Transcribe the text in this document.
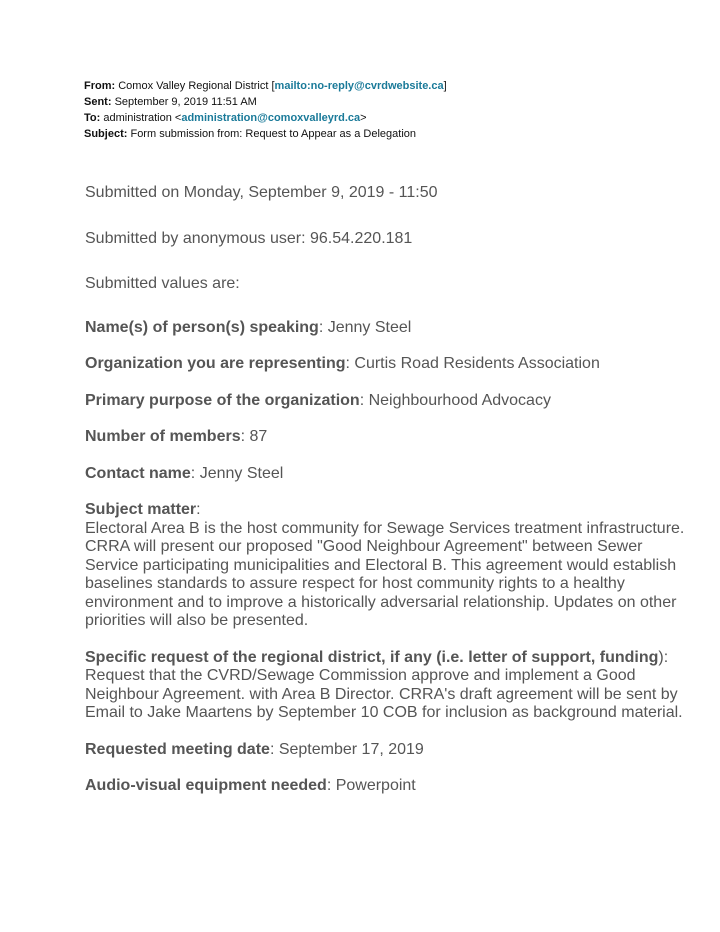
From: Comox Valley Regional District [mailto:no-reply@cvrdwebsite.ca]
Sent: September 9, 2019 11:51 AM
To: administration <administration@comoxvalleyrd.ca>
Subject: Form submission from: Request to Appear as a Delegation

Submitted on Monday, September 9, 2019 - 11:50

Submitted by anonymous user: 96.54.220.181

Submitted values are:

Name(s) of person(s) speaking: Jenny Steel

Organization you are representing: Curtis Road Residents Association

Primary purpose of the organization: Neighbourhood Advocacy

Number of members: 87

Contact name: Jenny Steel

Subject matter:
Electoral Area B is the host community for Sewage Services treatment infrastructure. CRRA will present our proposed "Good Neighbour Agreement" between Sewer Service participating municipalities and Electoral B. This agreement would establish baselines standards to assure respect for host community rights to a healthy environment and to improve a historically adversarial relationship. Updates on other priorities will also be presented.
Specific request of the regional district, if any (i.e. letter of support, funding):
Request that the CVRD/Sewage Commission approve and implement a Good Neighbour Agreement. with Area B Director. CRRA's draft agreement will be sent by Email to Jake Maartens by September 10 COB for inclusion as background material.

Requested meeting date: September 17, 2019

Audio-visual equipment needed: Powerpoint
